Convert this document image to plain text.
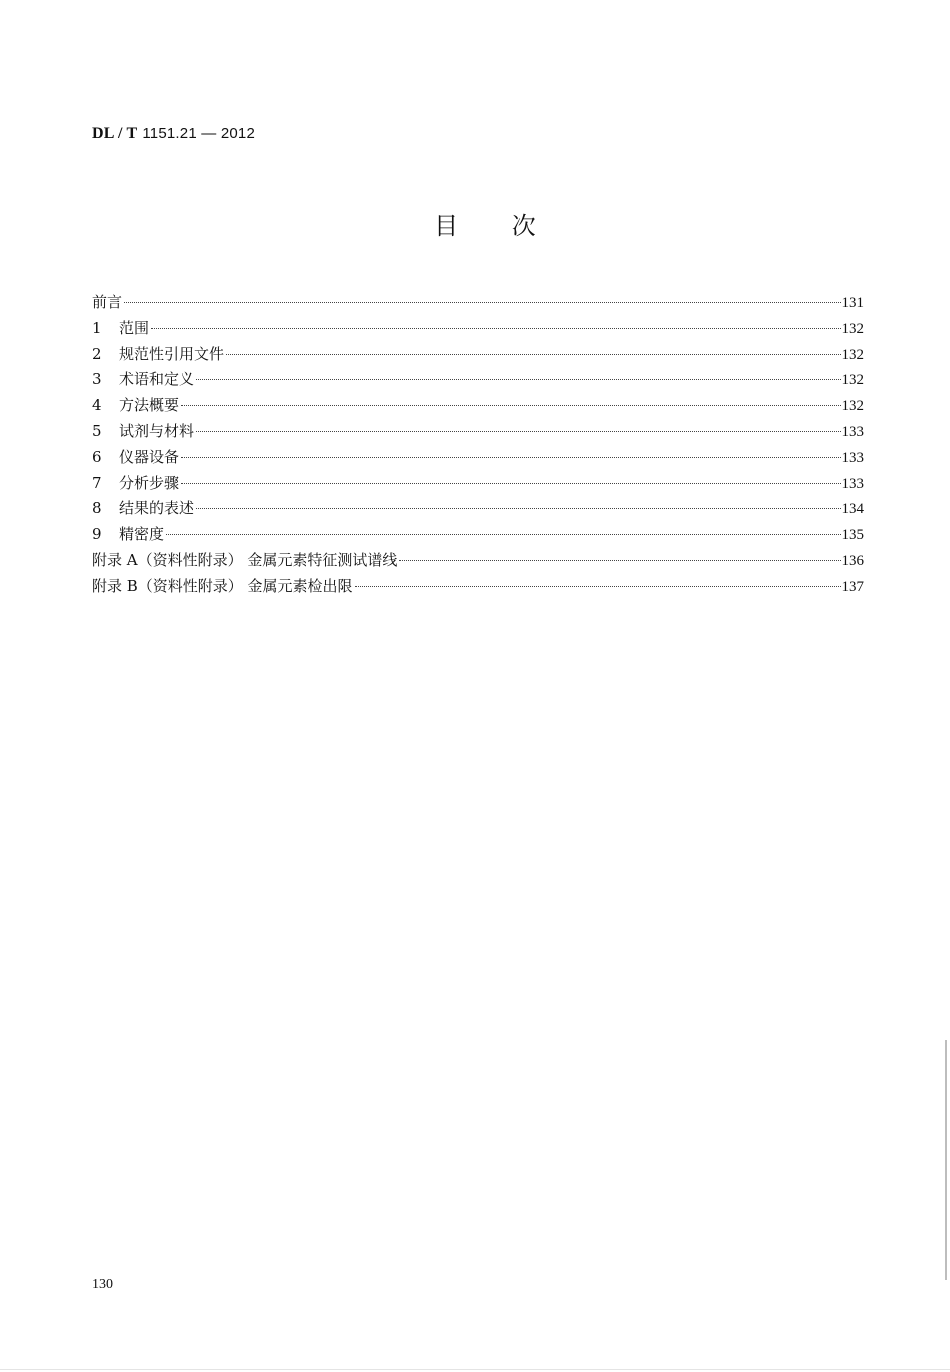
DL / T 1151.21 — 2012
目 次
前言	131
1	范围	132
2	规范性引用文件	132
3	术语和定义	132
4	方法概要	132
5	试剂与材料	133
6	仪器设备	133
7	分析步骤	133
8	结果的表述	134
9	精密度	135
附录 A（资料性附录） 金属元素特征测试谱线	136
附录 B（资料性附录） 金属元素检出限	137
130
